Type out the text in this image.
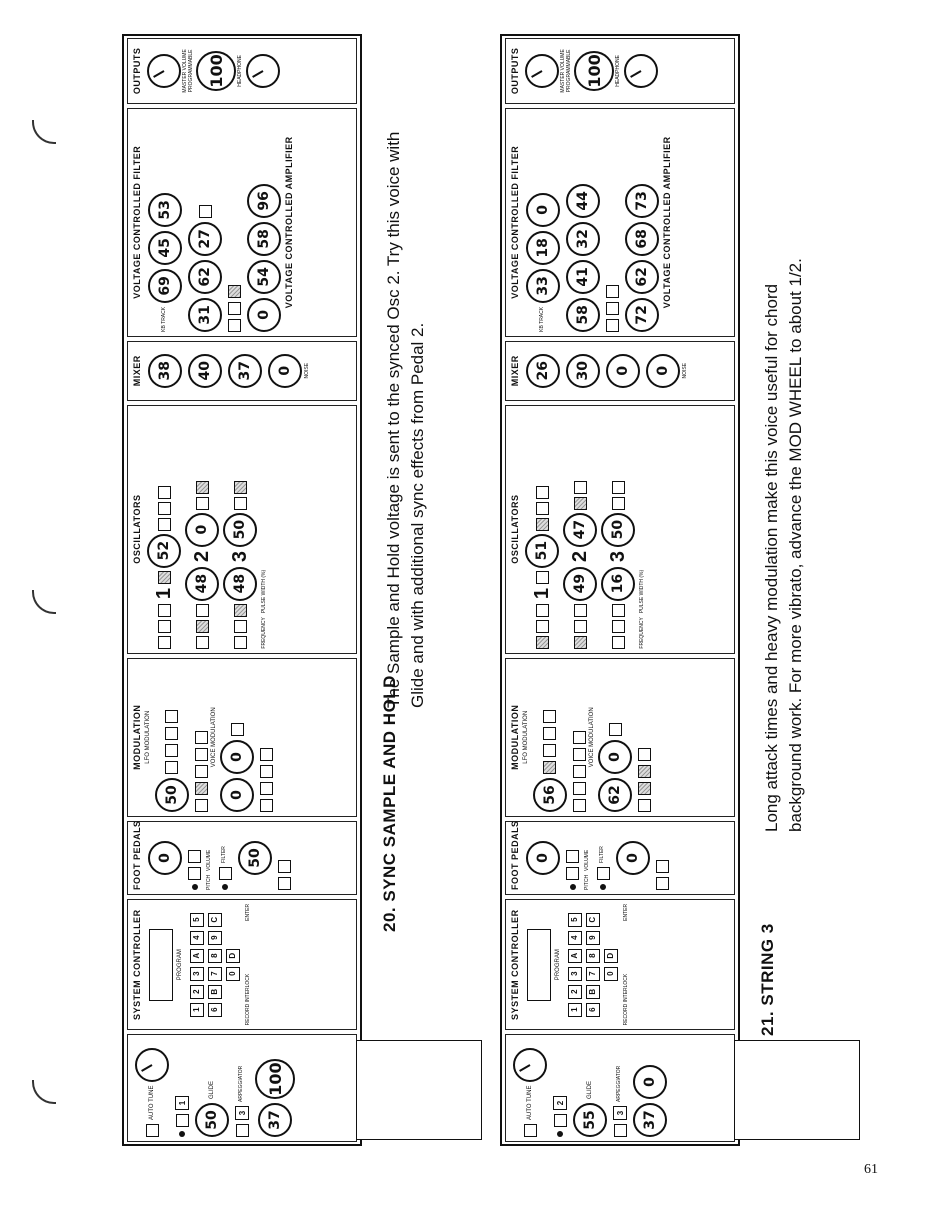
AUTO TUNE	1
50
GLIDE
3
ARPEGGIATOR
37
100
SYSTEM CONTROLLER	PROGRAM
1
2
3
A
4
5
6
B
7
8
9
C
0
D
RECORD INTERLOCK
ENTER
FOOT PEDALS	0
PITCH
VOLUME FILTER	50
MODULATION LFO MODULATION
50
VOICE MODULATION
0
0
OSCILLATORS
1
52
48
2
0
48
3
50
FREQUENCY
PULSE WIDTH (%)
MIXER	38	40	37	0	NOISE
VOLTAGE CONTROLLED FILTER
KB TRACK
69
45
53
31
62
27
0
54
58
96	VOLTAGE CONTROLLED AMPLIFIER
OUTPUTS	MASTER VOLUME PROGRAMMABLE 100	HEADPHONE
20. SYNC SAMPLE AND HOLD
The Sample and Hold voltage is sent to the synced Osc 2. Try this voice with Glide and with additional sync effects from Pedal 2.
AUTO TUNE	2
55
GLIDE
3
ARPEGGIATOR
37
0
SYSTEM CONTROLLER	PROGRAM
1
2
3
A
4
5
6
B
7
8
9
C
0
D
RECORD INTERLOCK
ENTER
FOOT PEDALS	0
PITCH
VOLUME FILTER	0
MODULATION LFO MODULATION
56
VOICE MODULATION
62
0
OSCILLATORS
1
51
49
2
47
16
3
50
FREQUENCY
PULSE WIDTH (%)
MIXER	26	30	0	0	NOISE
VOLTAGE CONTROLLED FILTER
KB TRACK
33
18
0
58
41
32
44
72
62
68
73	VOLTAGE CONTROLLED AMPLIFIER
OUTPUTS	MASTER VOLUME PROGRAMMABLE 100	HEADPHONE
21. STRING 3
Long attack times and heavy modulation make this voice useful for chord background work. For more vibrato, advance the MOD WHEEL to about 1/2.
61
